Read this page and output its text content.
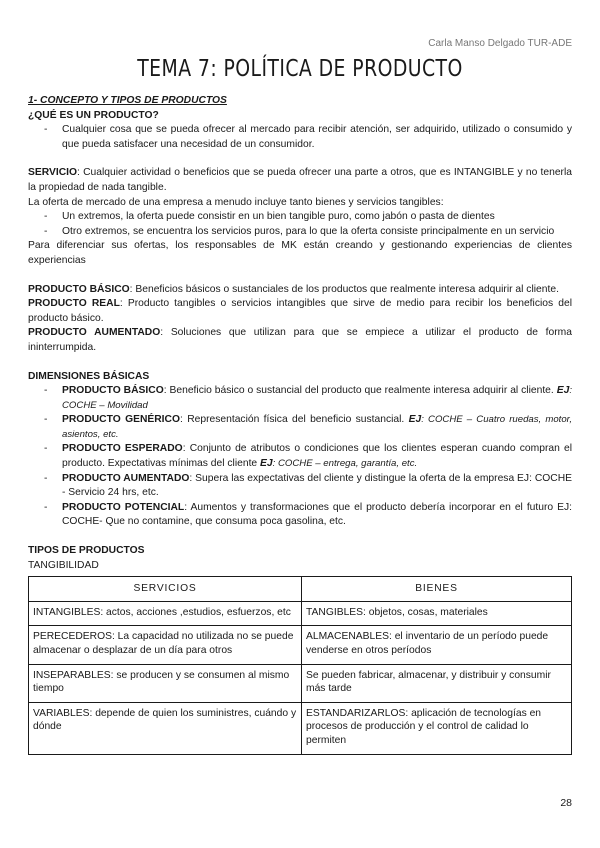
Carla Manso Delgado TUR-ADE
TEMA 7: POLÍTICA DE PRODUCTO

1- CONCEPTO Y TIPOS DE PRODUCTOS

¿QUÉ ES UN PRODUCTO?

- Cualquier cosa que se pueda ofrecer al mercado para recibir atención, ser adquirido, utilizado o consumido y que pueda satisfacer una necesidad de un consumidor.

SERVICIO: Cualquier actividad o beneficios que se pueda ofrecer una parte a otros, que es INTANGIBLE y no tenerla la propiedad de nada tangible.

La oferta de mercado de una empresa a menudo incluye tanto bienes y servicios tangibles:

- Un extremos, la oferta puede consistir en un bien tangible puro, como jabón o pasta de dientes
- Otro extremos, se encuentra los servicios puros, para lo que la oferta consiste principalmente en un servicio

Para diferenciar sus ofertas, los responsables de MK están creando y gestionando experiencias de clientes experiencias

PRODUCTO BÁSICO: Beneficios básicos o sustanciales de los productos que realmente interesa adquirir al cliente.

PRODUCTO REAL: Producto tangibles o servicios intangibles que sirve de medio para recibir los beneficios del producto básico.

PRODUCTO AUMENTADO: Soluciones que utilizan para que se empiece a utilizar el producto de forma ininterrumpida.

DIMENSIONES BÁSICAS

- PRODUCTO BÁSICO: Beneficio básico o sustancial del producto que realmente interesa adquirir al cliente. EJ: COCHE – Movilidad
- PRODUCTO GENÉRICO: Representación física del beneficio sustancial. EJ: COCHE – Cuatro ruedas, motor, asientos, etc.
- PRODUCTO ESPERADO: Conjunto de atributos o condiciones que los clientes esperan cuando compran el producto. Expectativas mínimas del cliente EJ: COCHE – entrega, garantía, etc.
- PRODUCTO AUMENTADO: Supera las expectativas del cliente y distingue la oferta de la empresa EJ: COCHE - Servicio 24 hrs, etc.
- PRODUCTO POTENCIAL: Aumentos y transformaciones que el producto debería incorporar en el futuro EJ: COCHE- Que no contamine, que consuma poca gasolina, etc.

TIPOS DE PRODUCTOS

TANGIBILIDAD

SERVICIOS	BIENES
INTANGIBLES: actos, acciones ,estudios, esfuerzos, etc	TANGIBLES: objetos, cosas, materiales
PERECEDEROS: La capacidad no utilizada no se puede almacenar o desplazar de un día para otros	ALMACENABLES: el inventario de un período puede venderse en otros períodos
INSEPARABLES: se producen y se consumen al mismo tiempo	Se pueden fabricar, almacenar, y distribuir y consumir más tarde
VARIABLES: depende de quien los suministres, cuándo y dónde	ESTANDARIZARLOS: aplicación de tecnologías en procesos de producción y el control de calidad lo permiten
28
